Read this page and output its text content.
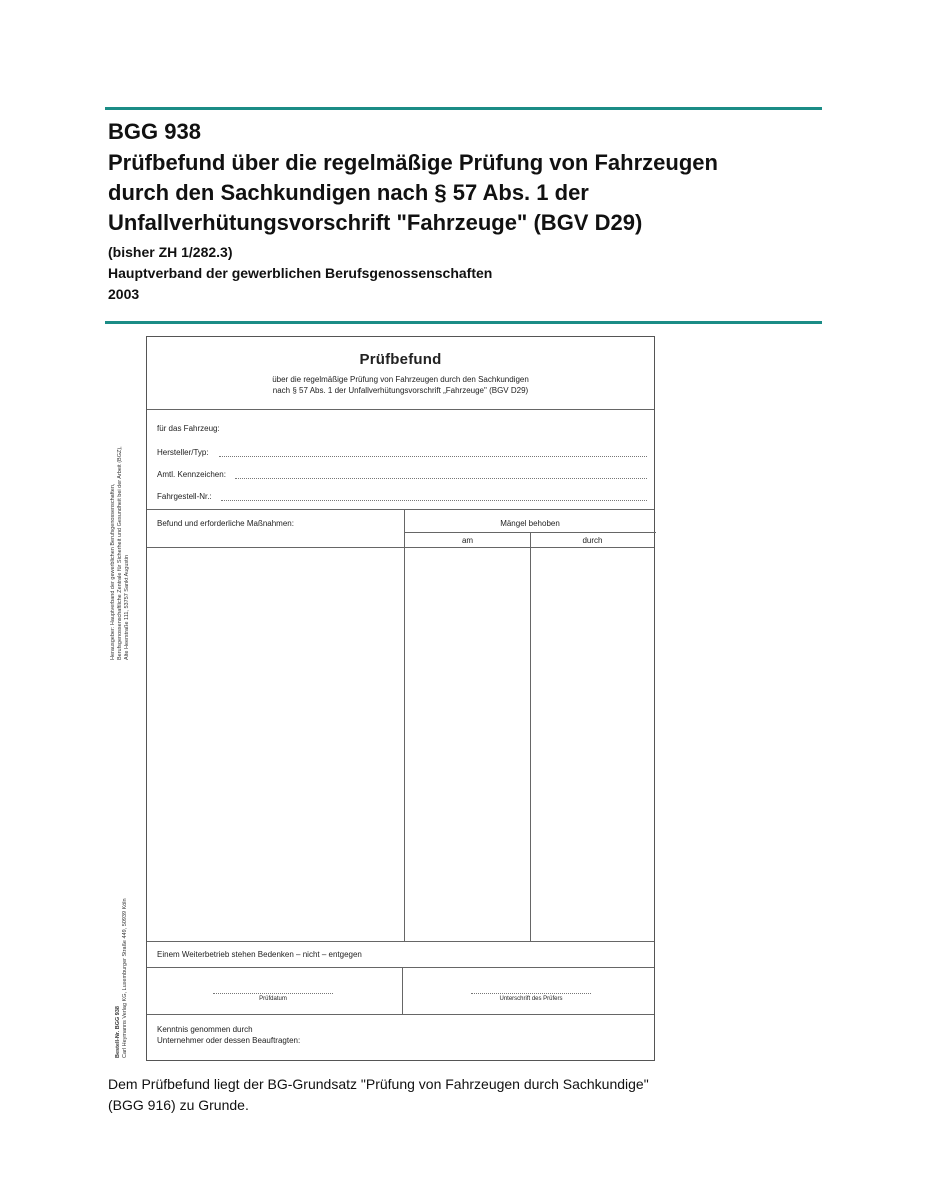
BGG 938
Prüfbefund über die regelmäßige Prüfung von Fahrzeugen
durch den Sachkundigen nach § 57 Abs. 1 der
Unfallverhütungsvorschrift "Fahrzeuge" (BGV D29)
(bisher ZH 1/282.3)
Hauptverband der gewerblichen Berufsgenossenschaften
2003
Herausgeber: Hauptverband der gewerblichen Berufsgenossenschaften, Berufsgenossenschaftliche Zentrale für Sicherheit und Gesundheit bei der Arbeit (BGZ), Alte Heerstraße 111, 53757 Sankt Augustin
Bestell-Nr. BGG 938 Carl Heymanns Verlag KG, Luxemburger Straße 449, 50939 Köln
Prüfbefund
über die regelmäßige Prüfung von Fahrzeugen durch den Sachkundigen
nach § 57 Abs. 1 der Unfallverhütungsvorschrift „Fahrzeuge" (BGV D29)
für das Fahrzeug:
Hersteller/Typ:
Amtl. Kennzeichen:
Fahrgestell-Nr.:
Befund und erforderliche Maßnahmen:	Mängel behoben
am	durch
Einem Weiterbetrieb stehen Bedenken – nicht – entgegen
Prüfdatum	Unterschrift des Prüfers
Kenntnis genommen durch
Unternehmer oder dessen Beauftragten:
Dem Prüfbefund liegt der BG-Grundsatz "Prüfung von Fahrzeugen durch Sachkundige"
(BGG 916) zu Grunde.
